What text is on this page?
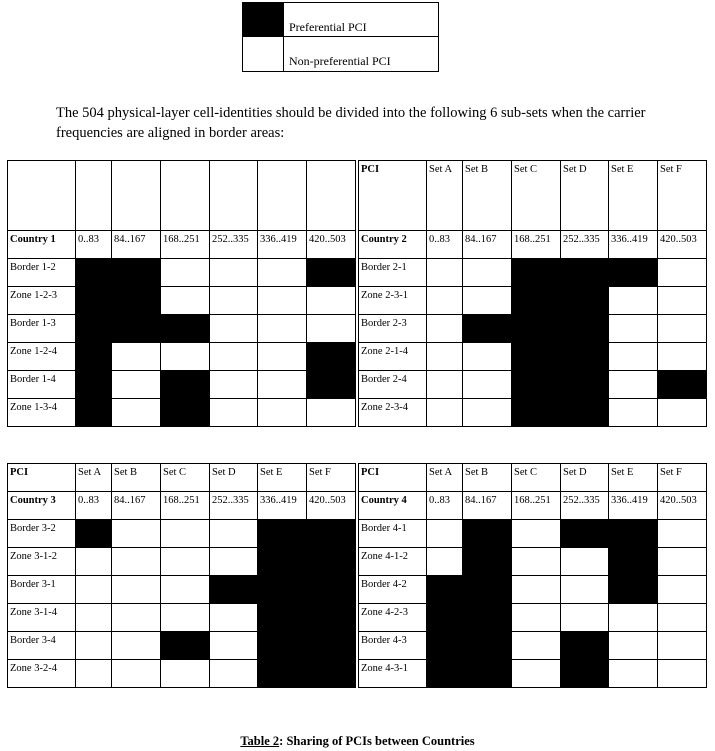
	Preferential PCI
	Non-preferential PCI

The 504 physical-layer cell-identities should be divided into the following 6 sub-sets when the carrier frequencies are aligned in border areas:

Country 1	0..83	84..167	168..251	252..335	336..419	420..503
Border 1-2						
Zone 1-2-3						
Border 1-3						
Zone 1-2-4						
Border 1-4						
Zone 1-3-4						
PCI	Set A	Set B	Set C	Set D	Set E	Set F
Country 2	0..83	84..167	168..251	252..335	336..419	420..503
Border 2-1						
Zone 2-3-1						
Border 2-3						
Zone 2-1-4						
Border 2-4						
Zone 2-3-4						
PCI	Set A	Set B	Set C	Set D	Set E	Set F
Country 3	0..83	84..167	168..251	252..335	336..419	420..503
Border 3-2						
Zone 3-1-2						
Border 3-1						
Zone 3-1-4						
Border 3-4						
Zone 3-2-4						
PCI	Set A	Set B	Set C	Set D	Set E	Set F
Country 4	0..83	84..167	168..251	252..335	336..419	420..503
Border 4-1						
Zone 4-1-2						
Border 4-2						
Zone 4-2-3						
Border 4-3						
Zone 4-3-1						

Table 2: Sharing of PCIs between Countries
